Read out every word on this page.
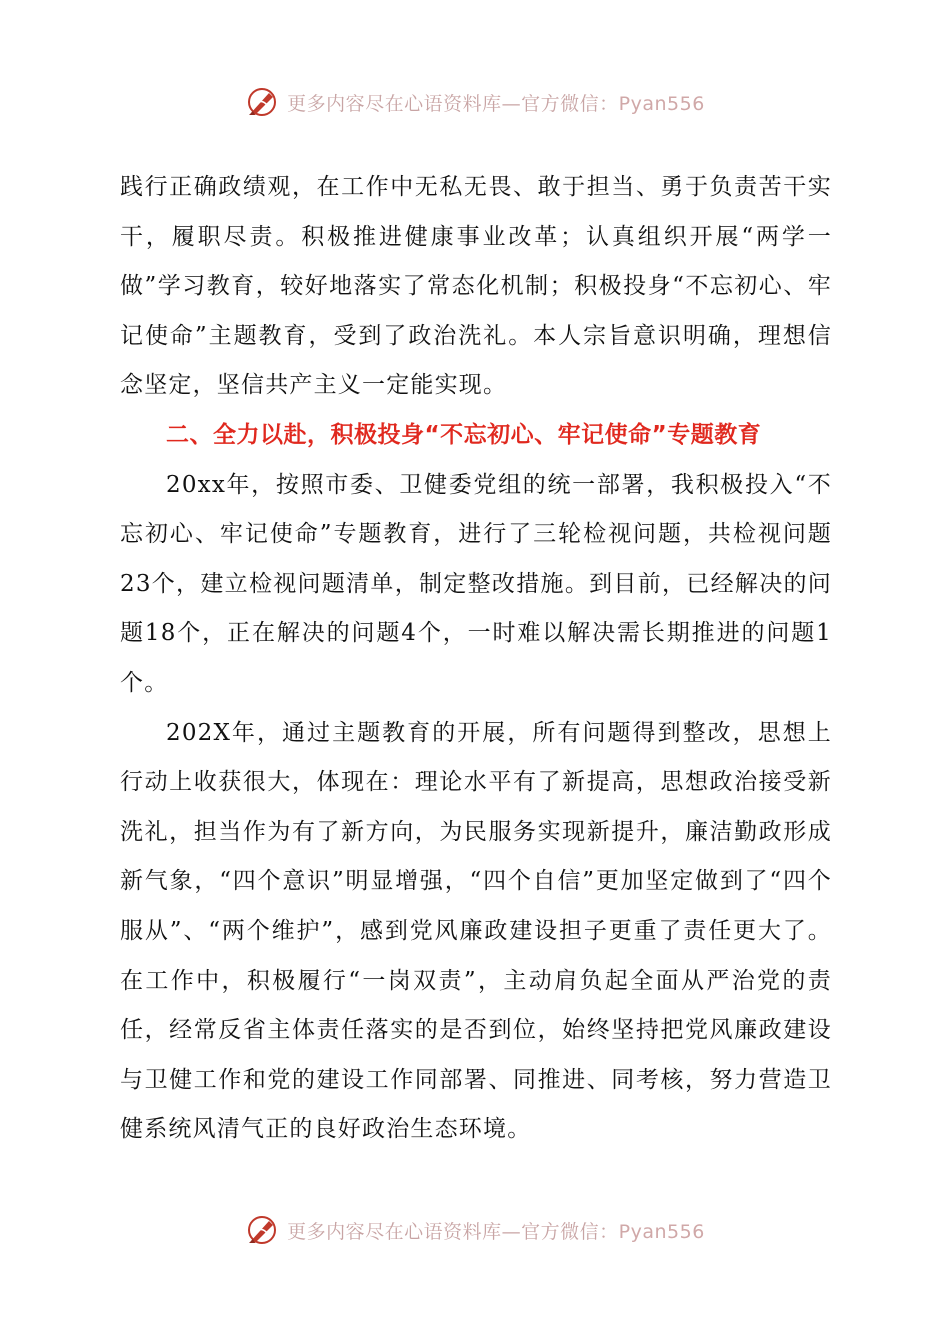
更多内容尽在心语资料库—官方微信：Pyan556

践行正确政绩观，在工作中无私无畏、敢于担当、勇于负责苦干实干，履职尽责。积极推进健康事业改革；认真组织开展“两学一做”学习教育，较好地落实了常态化机制；积极投身“不忘初心、牢记使命”主题教育，受到了政治洗礼。本人宗旨意识明确，理想信念坚定，坚信共产主义一定能实现。

二、全力以赴，积极投身“不忘初心、牢记使命”专题教育

20xx年，按照市委、卫健委党组的统一部署，我积极投入“不忘初心、牢记使命”专题教育，进行了三轮检视问题，共检视问题23个，建立检视问题清单，制定整改措施。到目前，已经解决的问题18个，正在解决的问题4个，一时难以解决需长期推进的问题1个。

202X年，通过主题教育的开展，所有问题得到整改，思想上行动上收获很大，体现在：理论水平有了新提高，思想政治接受新洗礼，担当作为有了新方向，为民服务实现新提升，廉洁勤政形成新气象，“四个意识”明显增强，“四个自信”更加坚定做到了“四个服从”、“两个维护”，感到党风廉政建设担子更重了责任更大了。在工作中，积极履行“一岗双责”，主动肩负起全面从严治党的责任，经常反省主体责任落实的是否到位，始终坚持把党风廉政建设与卫健工作和党的建设工作同部署、同推进、同考核，努力营造卫健系统风清气正的良好政治生态环境。

更多内容尽在心语资料库—官方微信：Pyan556
